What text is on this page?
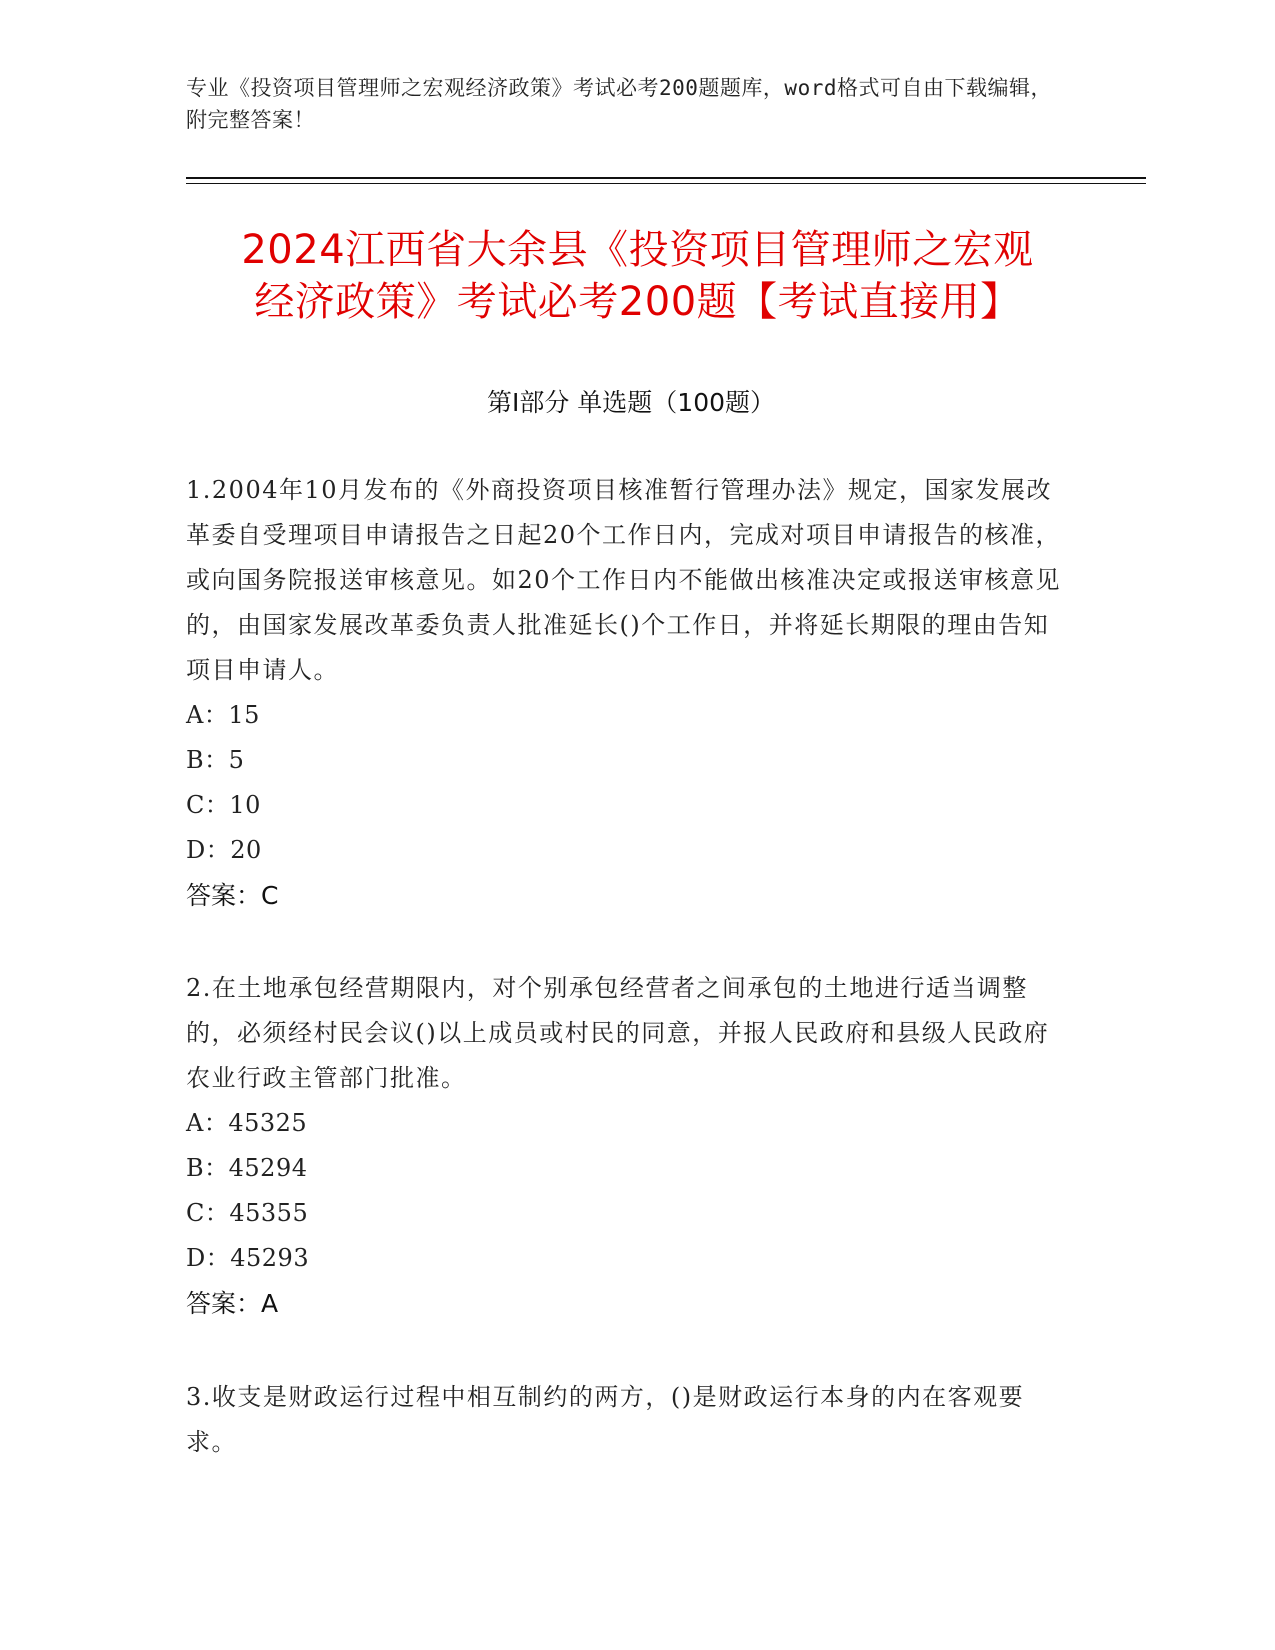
专业《投资项目管理师之宏观经济政策》考试必考200题题库，word格式可自由下载编辑，附完整答案！
2024江西省大余县《投资项目管理师之宏观
经济政策》考试必考200题【考试直接用】
第I部分 单选题（100题）

1.2004年10月发布的《外商投资项目核准暂行管理办法》规定，国家发展改革委自受理项目申请报告之日起20个工作日内，完成对项目申请报告的核准，或向国务院报送审核意见。如20个工作日内不能做出核准决定或报送审核意见的，由国家发展改革委负责人批准延长()个工作日，并将延长期限的理由告知项目申请人。

A：15

B：5

C：10

D：20

答案：C

2.在土地承包经营期限内，对个别承包经营者之间承包的土地进行适当调整的，必须经村民会议()以上成员或村民的同意，并报人民政府和县级人民政府农业行政主管部门批准。

A：45325

B：45294

C：45355

D：45293

答案：A

3.收支是财政运行过程中相互制约的两方，()是财政运行本身的内在客观要求。
